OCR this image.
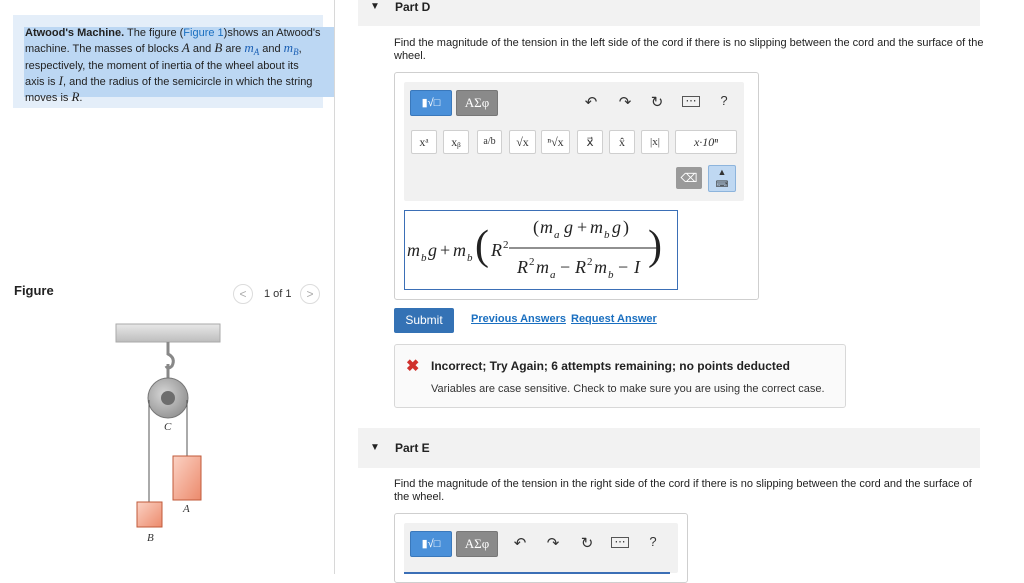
Atwood's Machine. The figure (Figure 1)shows an Atwood's machine. The masses of blocks A and B are $m_A$ and $m_B$, respectively, the moment of inertia of the wheel about its axis is I, and the radius of the semicircle in which the string moves is R.
Figure	<	1 of 1	>
C
A
B
▼ Part D
Find the magnitude of the tension in the left side of the cord if there is no slipping between the cord and the surface of the wheel.
▮√□	ΑΣφ	↶ ↷ ↻	⋯	?
xᵃ	xᵦ	a/b	√x	ⁿ√x	x⃗	x̂	|x|	x·10ⁿ
⌫	▲
⌨
m b g + m b ( R 2
( m a g + m b g )
R 2 m a − R 2 m b − I )
Submit	Previous Answers Request Answer
✖ Incorrect; Try Again; 6 attempts remaining; no points deducted
Variables are case sensitive. Check to make sure you are using the correct case.
▼ Part E
Find the magnitude of the tension in the right side of the cord if there is no slipping between the cord and the surface of the wheel.
▮√□	ΑΣφ	↶ ↷ ↻	⋯	?
